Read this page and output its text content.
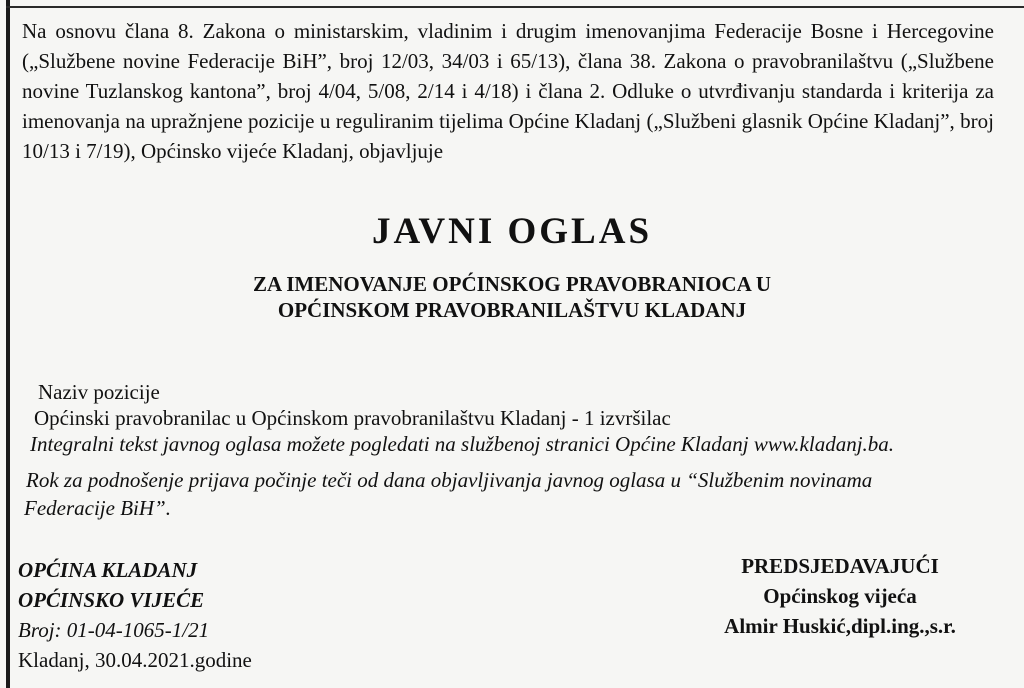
Na osnovu člana 8. Zakona o ministarskim, vladinim i drugim imenovanjima Federacije Bosne i Hercegovine („Službene novine Federacije BiH”, broj 12/03, 34/03 i 65/13), člana 38. Zakona o pravobranilaštvu („Službene novine Tuzlanskog kantona”, broj 4/04, 5/08, 2/14 i 4/18) i člana 2. Odluke o utvrđivanju standarda i kriterija za imenovanja na upražnjene pozicije u reguliranim tijelima Općine Kladanj („Službeni glasnik Općine Kladanj”, broj 10/13 i 7/19), Općinsko vijeće Kladanj, objavljuje

JAVNI OGLAS
ZA IMENOVANJE OPĆINSKOG PRAVOBRANIOCA U
OPĆINSKOM PRAVOBRANILAŠTVU KLADANJ

Naziv pozicije

Općinski pravobranilac u Općinskom pravobranilaštvu Kladanj - 1 izvršilac

Integralni tekst javnog oglasa možete pogledati na službenoj stranici Općine Kladanj www.kladanj.ba.

Rok za podnošenje prijava počinje teči od dana objavljivanja javnog oglasa u “Službenim novinama

Federacije BiH”.

OPĆINA KLADANJ

OPĆINSKO VIJEĆE

Broj: 01-04-1065-1/21

Kladanj, 30.04.2021.godine

PREDSJEDAVAJUĆI

Općinskog vijeća

Almir Huskić,dipl.ing.,s.r.
